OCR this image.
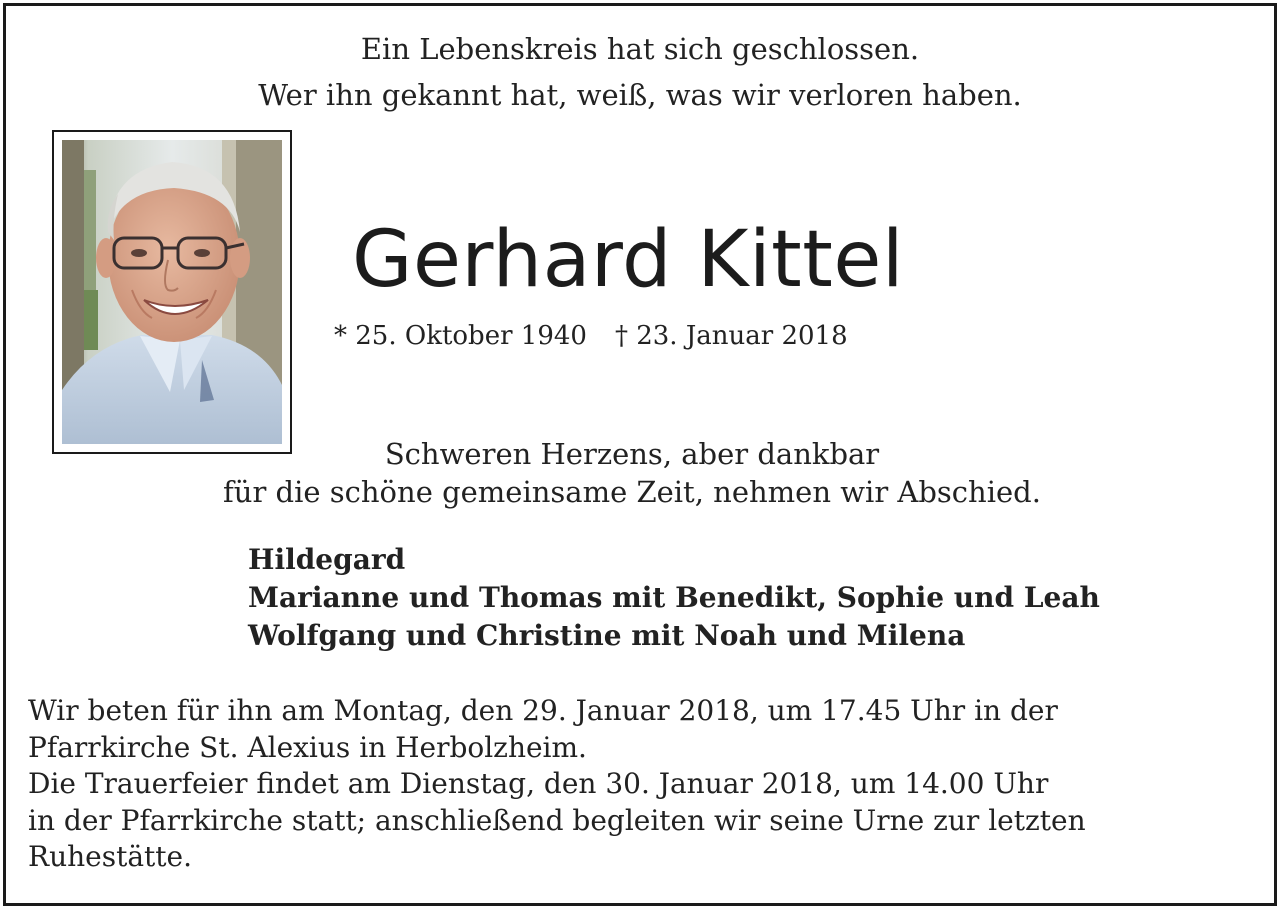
Ein Lebenskreis hat sich geschlossen.
Wer ihn gekannt hat, weiß, was wir verloren haben.
Gerhard Kittel
* 25. Oktober 1940 † 23. Januar 2018
Schweren Herzens, aber dankbar
für die schöne gemeinsame Zeit, nehmen wir Abschied.
Hildegard
Marianne und Thomas mit Benedikt, Sophie und Leah
Wolfgang und Christine mit Noah und Milena
Wir beten für ihn am Montag, den 29. Januar 2018, um 17.45 Uhr in der
Pfarrkirche St. Alexius in Herbolzheim.
Die Trauerfeier findet am Dienstag, den 30. Januar 2018, um 14.00 Uhr
in der Pfarrkirche statt; anschließend begleiten wir seine Urne zur letzten
Ruhestätte.
